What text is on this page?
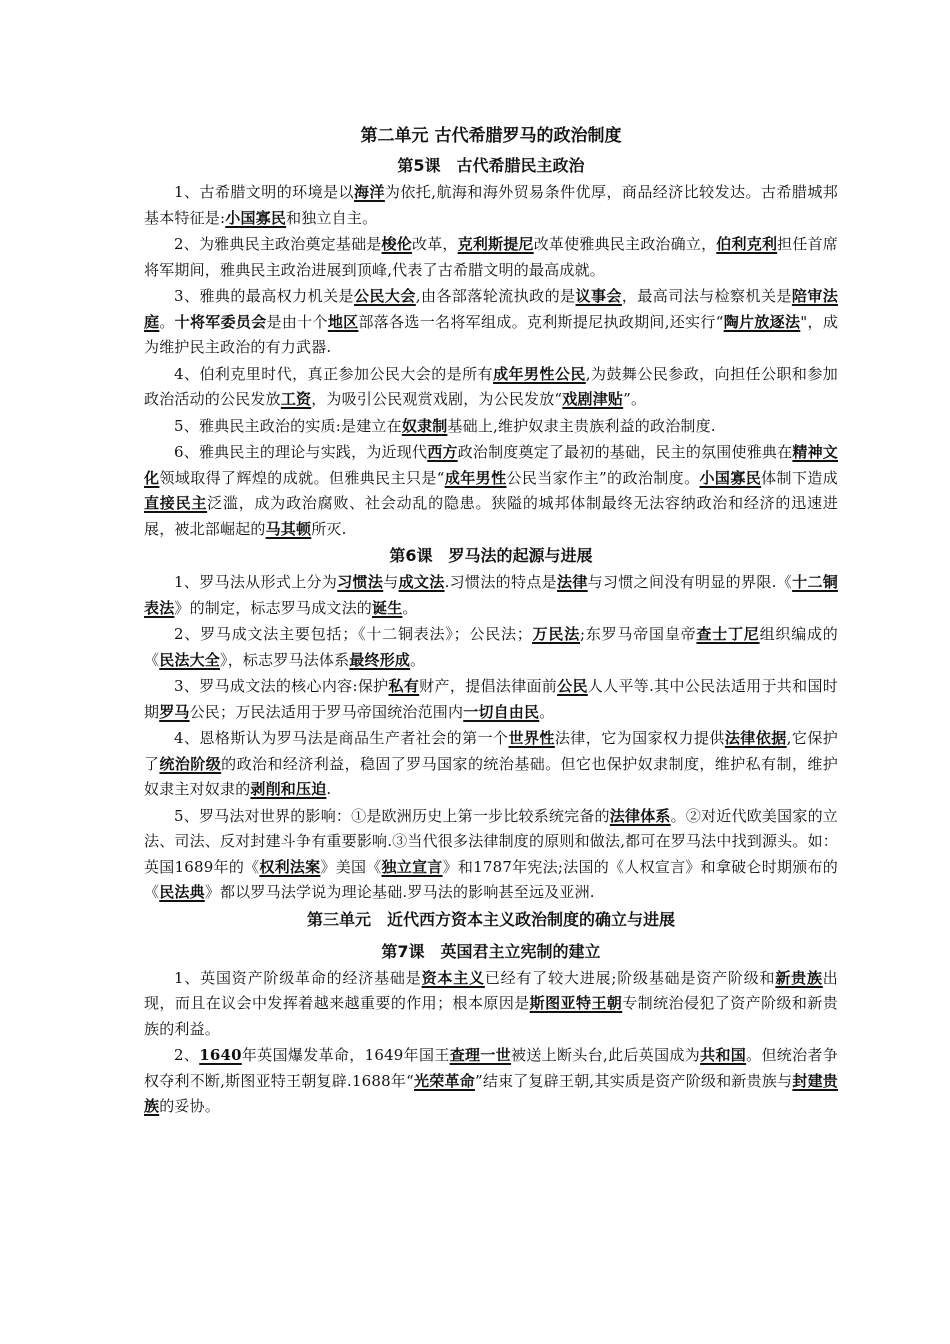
第二单元 古代希腊罗马的政治制度
第5课　古代希腊民主政治

1、古希腊文明的环境是以海洋为依托,航海和海外贸易条件优厚，商品经济比较发达。古希腊城邦基本特征是:小国寡民和独立自主。

2、为雅典民主政治奠定基础是梭伦改革，克利斯提尼改革使雅典民主政治确立，伯利克利担任首席将军期间，雅典民主政治进展到顶峰,代表了古希腊文明的最高成就。

3、雅典的最高权力机关是公民大会,由各部落轮流执政的是议事会，最高司法与检察机关是陪审法庭。十将军委员会是由十个地区部落各选一名将军组成。克利斯提尼执政期间,还实行“陶片放逐法"，成为维护民主政治的有力武器.

4、伯利克里时代，真正参加公民大会的是所有成年男性公民,为鼓舞公民参政，向担任公职和参加政治活动的公民发放工资，为吸引公民观赏戏剧，为公民发放“戏剧津贴”。

5、雅典民主政治的实质:是建立在奴隶制基础上,维护奴隶主贵族利益的政治制度.

6、雅典民主的理论与实践，为近现代西方政治制度奠定了最初的基础，民主的氛围使雅典在精神文化领域取得了辉煌的成就。但雅典民主只是“成年男性公民当家作主”的政治制度。小国寡民体制下造成直接民主泛滥，成为政治腐败、社会动乱的隐患。狭隘的城邦体制最终无法容纳政治和经济的迅速进展，被北部崛起的马其顿所灭.

第6课　罗马法的起源与进展

1、罗马法从形式上分为习惯法与成文法.习惯法的特点是法律与习惯之间没有明显的界限.《十二铜表法》的制定，标志罗马成文法的诞生。

2、罗马成文法主要包括；《十二铜表法》；公民法；万民法;东罗马帝国皇帝查士丁尼组织编成的《民法大全》，标志罗马法体系最终形成。

3、罗马成文法的核心内容:保护私有财产，提倡法律面前公民人人平等.其中公民法适用于共和国时期罗马公民；万民法适用于罗马帝国统治范围内一切自由民。

4、恩格斯认为罗马法是商品生产者社会的第一个世界性法律，它为国家权力提供法律依据,它保护了统治阶级的政治和经济利益，稳固了罗马国家的统治基础。但它也保护奴隶制度，维护私有制，维护奴隶主对奴隶的剥削和压迫.

5、罗马法对世界的影响：①是欧洲历史上第一步比较系统完备的法律体系。②对近代欧美国家的立法、司法、反对封建斗争有重要影响.③当代很多法律制度的原则和做法,都可在罗马法中找到源头。如：英国1689年的《权利法案》美国《独立宣言》和1787年宪法;法国的《人权宣言》和拿破仑时期颁布的《民法典》都以罗马法学说为理论基础.罗马法的影响甚至远及亚洲.

第三单元　近代西方资本主义政治制度的确立与进展
第7课　英国君主立宪制的建立

1、英国资产阶级革命的经济基础是资本主义已经有了较大进展;阶级基础是资产阶级和新贵族出现，而且在议会中发挥着越来越重要的作用；根本原因是斯图亚特王朝专制统治侵犯了资产阶级和新贵族的利益。

2、1640年英国爆发革命，1649年国王查理一世被送上断头台,此后英国成为共和国。但统治者争权夺利不断,斯图亚特王朝复辟.1688年“光荣革命”结束了复辟王朝,其实质是资产阶级和新贵族与封建贵族的妥协。
